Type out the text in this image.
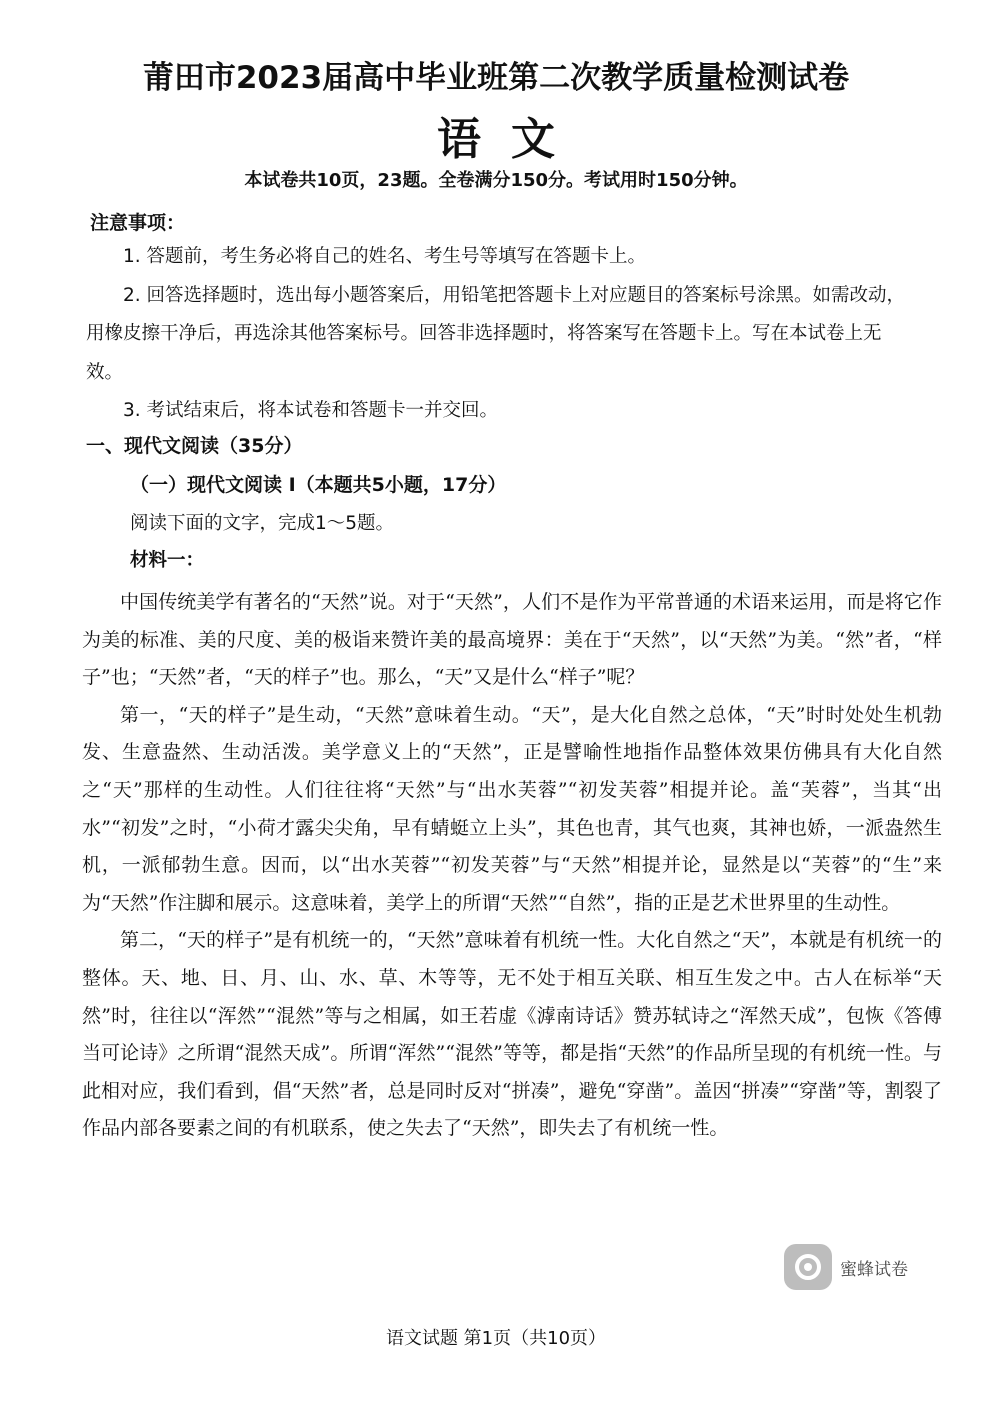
莆田市2023届高中毕业班第二次教学质量检测试卷
语文
本试卷共10页，23题。全卷满分150分。考试用时150分钟。
注意事项：

1. 答题前，考生务必将自己的姓名、考生号等填写在答题卡上。

2. 回答选择题时，选出每小题答案后，用铅笔把答题卡上对应题目的答案标号涂黑。如需改动，用橡皮擦干净后，再选涂其他答案标号。回答非选择题时，将答案写在答题卡上。写在本试卷上无效。

3. 考试结束后，将本试卷和答题卡一并交回。

一、现代文阅读（35分）
（一）现代文阅读 I（本题共5小题，17分）
阅读下面的文字，完成1～5题。
材料一：

中国传统美学有著名的“天然”说。对于“天然”，人们不是作为平常普通的术语来运用，而是将它作为美的标准、美的尺度、美的极诣来赞许美的最高境界：美在于“天然”，以“天然”为美。“然”者，“样子”也；“天然”者，“天的样子”也。那么，“天”又是什么“样子”呢？

第一，“天的样子”是生动，“天然”意味着生动。“天”，是大化自然之总体，“天”时时处处生机勃发、生意盎然、生动活泼。美学意义上的“天然”，正是譬喻性地指作品整体效果仿佛具有大化自然之“天”那样的生动性。人们往往将“天然”与“出水芙蓉”“初发芙蓉”相提并论。盖“芙蓉”，当其“出水”“初发”之时，“小荷才露尖尖角，早有蜻蜓立上头”，其色也青，其气也爽，其神也娇，一派盎然生机，一派郁勃生意。因而，以“出水芙蓉”“初发芙蓉”与“天然”相提并论，显然是以“芙蓉”的“生”来为“天然”作注脚和展示。这意味着，美学上的所谓“天然”“自然”，指的正是艺术世界里的生动性。

第二，“天的样子”是有机统一的，“天然”意味着有机统一性。大化自然之“天”，本就是有机统一的整体。天、地、日、月、山、水、草、木等等，无不处于相互关联、相互生发之中。古人在标举“天然”时，往往以“浑然”“混然”等与之相属，如王若虚《滹南诗话》赞苏轼诗之“浑然天成”，包恢《答傅当可论诗》之所谓“混然天成”。所谓“浑然”“混然”等等，都是指“天然”的作品所呈现的有机统一性。与此相对应，我们看到，倡“天然”者，总是同时反对“拼凑”，避免“穿凿”。盖因“拼凑”“穿凿”等，割裂了作品内部各要素之间的有机联系，使之失去了“天然”，即失去了有机统一性。

蜜蜂试卷
语文试题 第1页（共10页）
